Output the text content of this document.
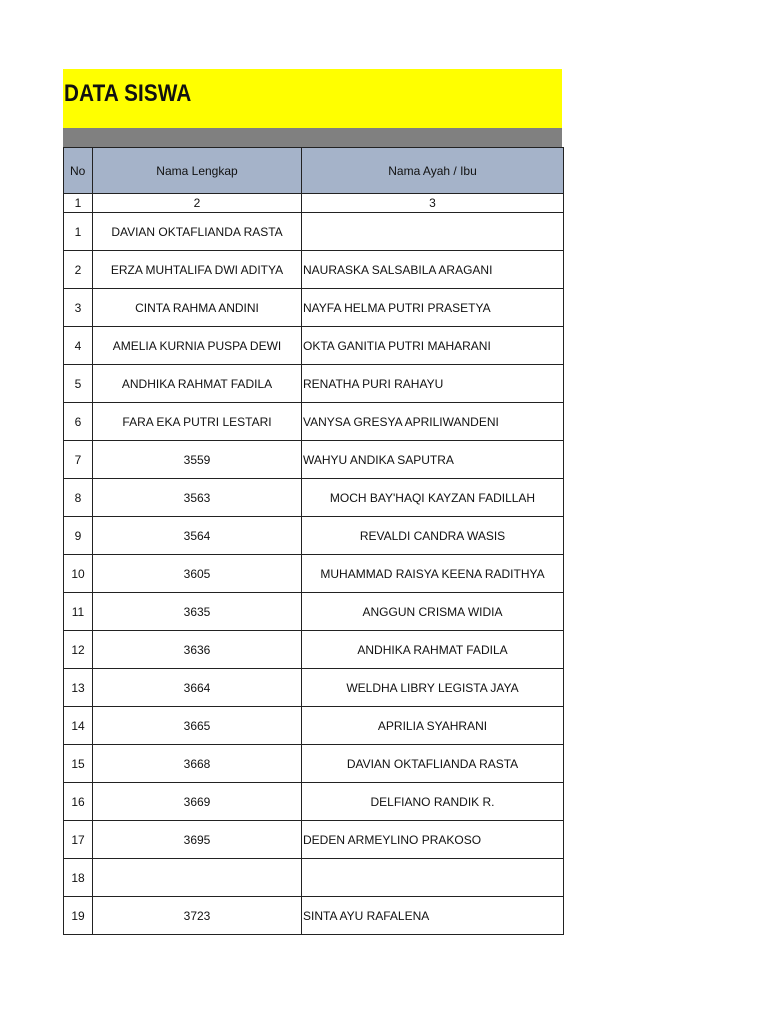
DATA SISWA
No	Nama Lengkap	Nama Ayah / Ibu
1	2	3
1	DAVIAN OKTAFLIANDA RASTA	
2	ERZA MUHTALIFA DWI ADITYA	NAURASKA SALSABILA ARAGANI
3	CINTA RAHMA ANDINI	NAYFA HELMA PUTRI PRASETYA
4	AMELIA KURNIA PUSPA DEWI	OKTA GANITIA PUTRI MAHARANI
5	ANDHIKA RAHMAT FADILA	RENATHA PURI RAHAYU
6	FARA EKA PUTRI LESTARI	VANYSA GRESYA APRILIWANDENI
7	3559	WAHYU ANDIKA SAPUTRA
8	3563	MOCH BAY'HAQI KAYZAN FADILLAH
9	3564	REVALDI CANDRA WASIS
10	3605	MUHAMMAD RAISYA KEENA RADITHYA
11	3635	ANGGUN CRISMA WIDIA
12	3636	ANDHIKA RAHMAT FADILA
13	3664	WELDHA LIBRY LEGISTA JAYA
14	3665	APRILIA SYAHRANI
15	3668	DAVIAN OKTAFLIANDA RASTA
16	3669	DELFIANO RANDIK R.
17	3695	DEDEN ARMEYLINO PRAKOSO
18		
19	3723	SINTA AYU RAFALENA
